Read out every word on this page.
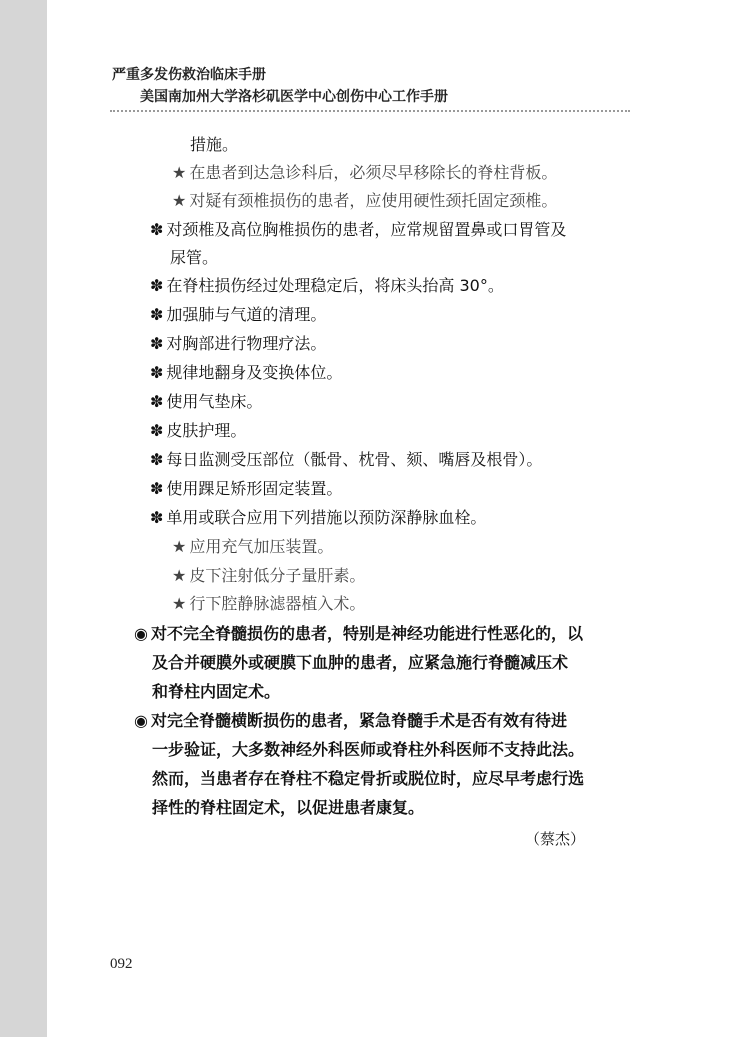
严重多发伤救治临床手册
美国南加州大学洛杉矶医学中心创伤中心工作手册
措施。
★ 在患者到达急诊科后，必须尽早移除长的脊柱背板。
★ 对疑有颈椎损伤的患者，应使用硬性颈托固定颈椎。
✽ 对颈椎及高位胸椎损伤的患者，应常规留置鼻或口胃管及
尿管。
✽ 在脊柱损伤经过处理稳定后，将床头抬高 30°。
✽ 加强肺与气道的清理。
✽ 对胸部进行物理疗法。
✽ 规律地翻身及变换体位。
✽ 使用气垫床。
✽ 皮肤护理。
✽ 每日监测受压部位（骶骨、枕骨、颏、嘴唇及根骨）。
✽ 使用踝足矫形固定装置。
✽ 单用或联合应用下列措施以预防深静脉血栓。
★ 应用充气加压装置。
★ 皮下注射低分子量肝素。
★ 行下腔静脉滤器植入术。
◉ 对不完全脊髓损伤的患者，特别是神经功能进行性恶化的，以
及合并硬膜外或硬膜下血肿的患者，应紧急施行脊髓减压术
和脊柱内固定术。
◉ 对完全脊髓横断损伤的患者，紧急脊髓手术是否有效有待进
一步验证，大多数神经外科医师或脊柱外科医师不支持此法。
然而，当患者存在脊柱不稳定骨折或脱位时，应尽早考虑行选
择性的脊柱固定术，以促进患者康复。
（蔡杰）
092
